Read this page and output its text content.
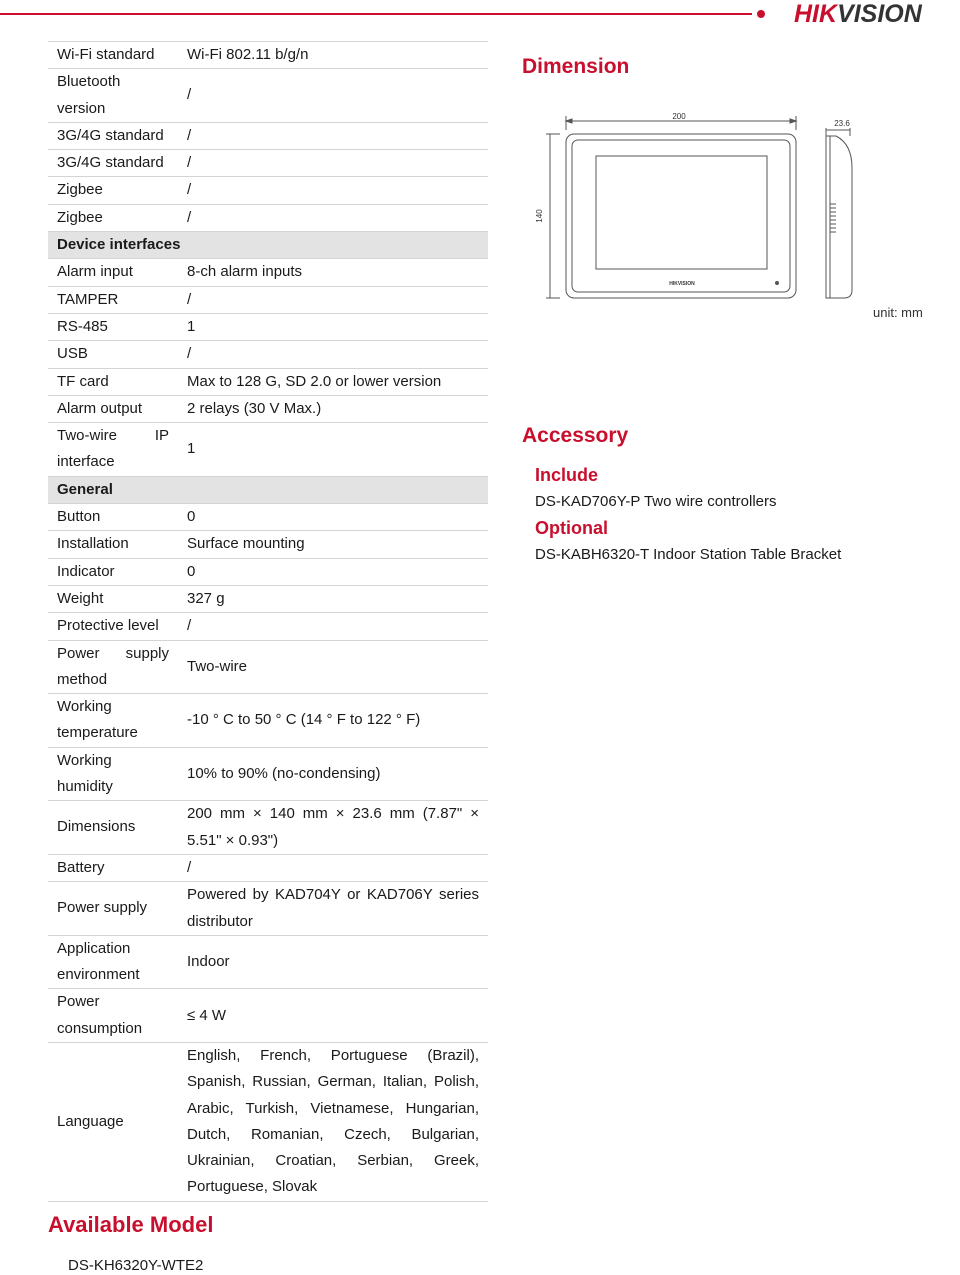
HIKVISION
Wi-Fi standard	Wi-Fi 802.11 b/g/n
Bluetooth version	/
3G/4G standard	/
3G/4G standard	/
Zigbee	/
Zigbee	/
Device interfaces	
Alarm input	8-ch alarm inputs
TAMPER	/
RS-485	1
USB	/
TF card	Max to 128 G, SD 2.0 or lower version
Alarm output	2 relays (30 V Max.)
Two-wire IP interface	1
General	
Button	0
Installation	Surface mounting
Indicator	0
Weight	327 g
Protective level	/
Power supply method	Two-wire
Working temperature	-10 ° C to 50 ° C (14 ° F to 122 ° F)
Working humidity	10% to 90% (no-condensing)
Dimensions	200 mm × 140 mm × 23.6 mm (7.87" × 5.51" × 0.93")
Battery	/
Power supply	Powered by KAD704Y or KAD706Y series distributor
Application environment	Indoor
Power consumption	≤ 4 W
Language	English, French, Portuguese (Brazil), Spanish, Russian, German, Italian, Polish, Arabic, Turkish, Vietnamese, Hungarian, Dutch, Romanian, Czech, Bulgarian, Ukrainian, Croatian, Serbian, Greek, Portuguese, Slovak
Dimension
200
140
HIKVISION
23.6
unit: mm
Accessory
Include
DS-KAD706Y-P Two wire controllers
Optional
DS-KABH6320-T Indoor Station Table Bracket
Available Model
DS-KH6320Y-WTE2
